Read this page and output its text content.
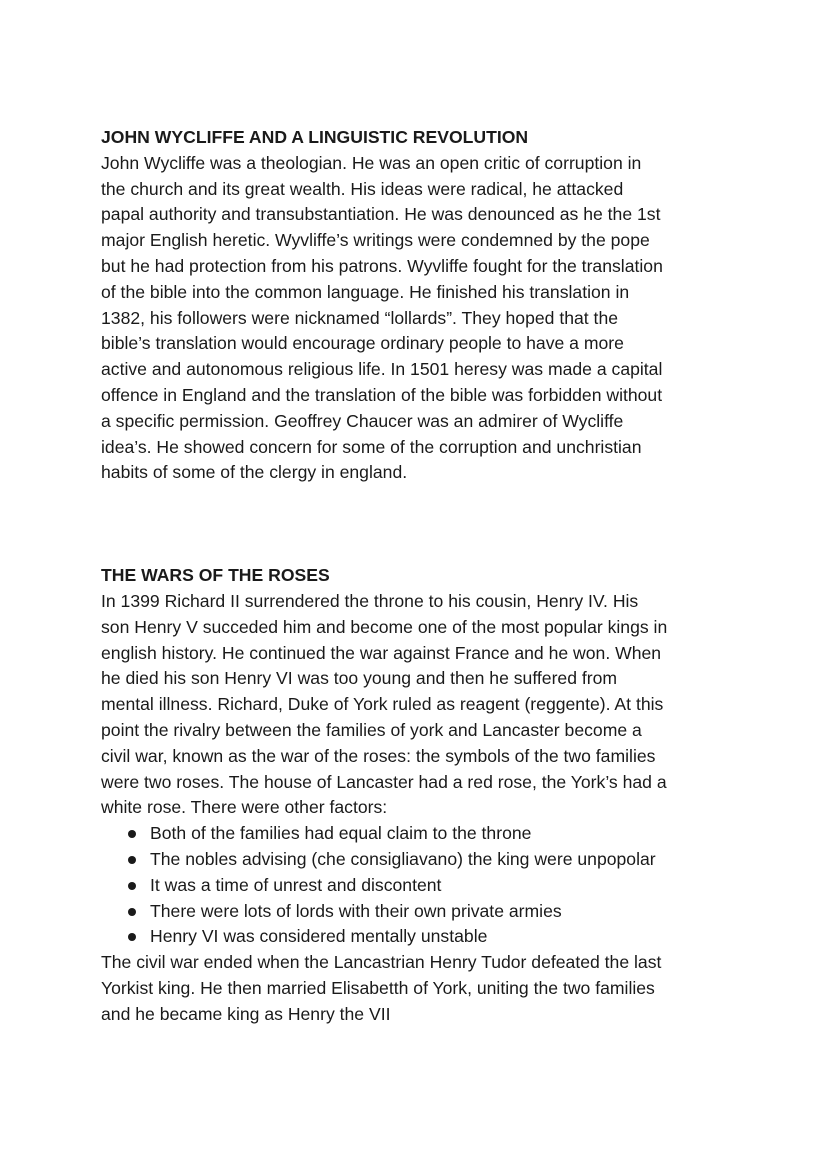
JOHN WYCLIFFE AND A LINGUISTIC REVOLUTION

John Wycliffe was a theologian. He was an open critic of corruption in
the church and its great wealth. His ideas were radical, he attacked
papal authority and transubstantiation. He was denounced as he the 1st
major English heretic. Wyvliffe’s writings were condemned by the pope
but he had protection from his patrons. Wyvliffe fought for the translation
of the bible into the common language. He finished his translation in
1382, his followers were nicknamed “lollards”. They hoped that the
bible’s translation would encourage ordinary people to have a more
active and autonomous religious life. In 1501 heresy was made a capital
offence in England and the translation of the bible was forbidden without
a specific permission. Geoffrey Chaucer was an admirer of Wycliffe
idea’s. He showed concern for some of the corruption and unchristian
habits of some of the clergy in england.

THE WARS OF THE ROSES

In 1399 Richard II surrendered the throne to his cousin, Henry IV. His
son Henry V succeded him and become one of the most popular kings in
english history. He continued the war against France and he won. When
he died his son Henry VI was too young and then he suffered from
mental illness. Richard, Duke of York ruled as reagent (reggente). At this
point the rivalry between the families of york and Lancaster become a
civil war, known as the war of the roses: the symbols of the two families
were two roses. The house of Lancaster had a red rose, the York’s had a
white rose. There were other factors:

Both of the families had equal claim to the throne
The nobles advising (che consigliavano) the king were unpopolar
It was a time of unrest and discontent
There were lots of lords with their own private armies
Henry VI was considered mentally unstable

The civil war ended when the Lancastrian Henry Tudor defeated the last
Yorkist king. He then married Elisabetth of York, uniting the two families
and he became king as Henry the VII
